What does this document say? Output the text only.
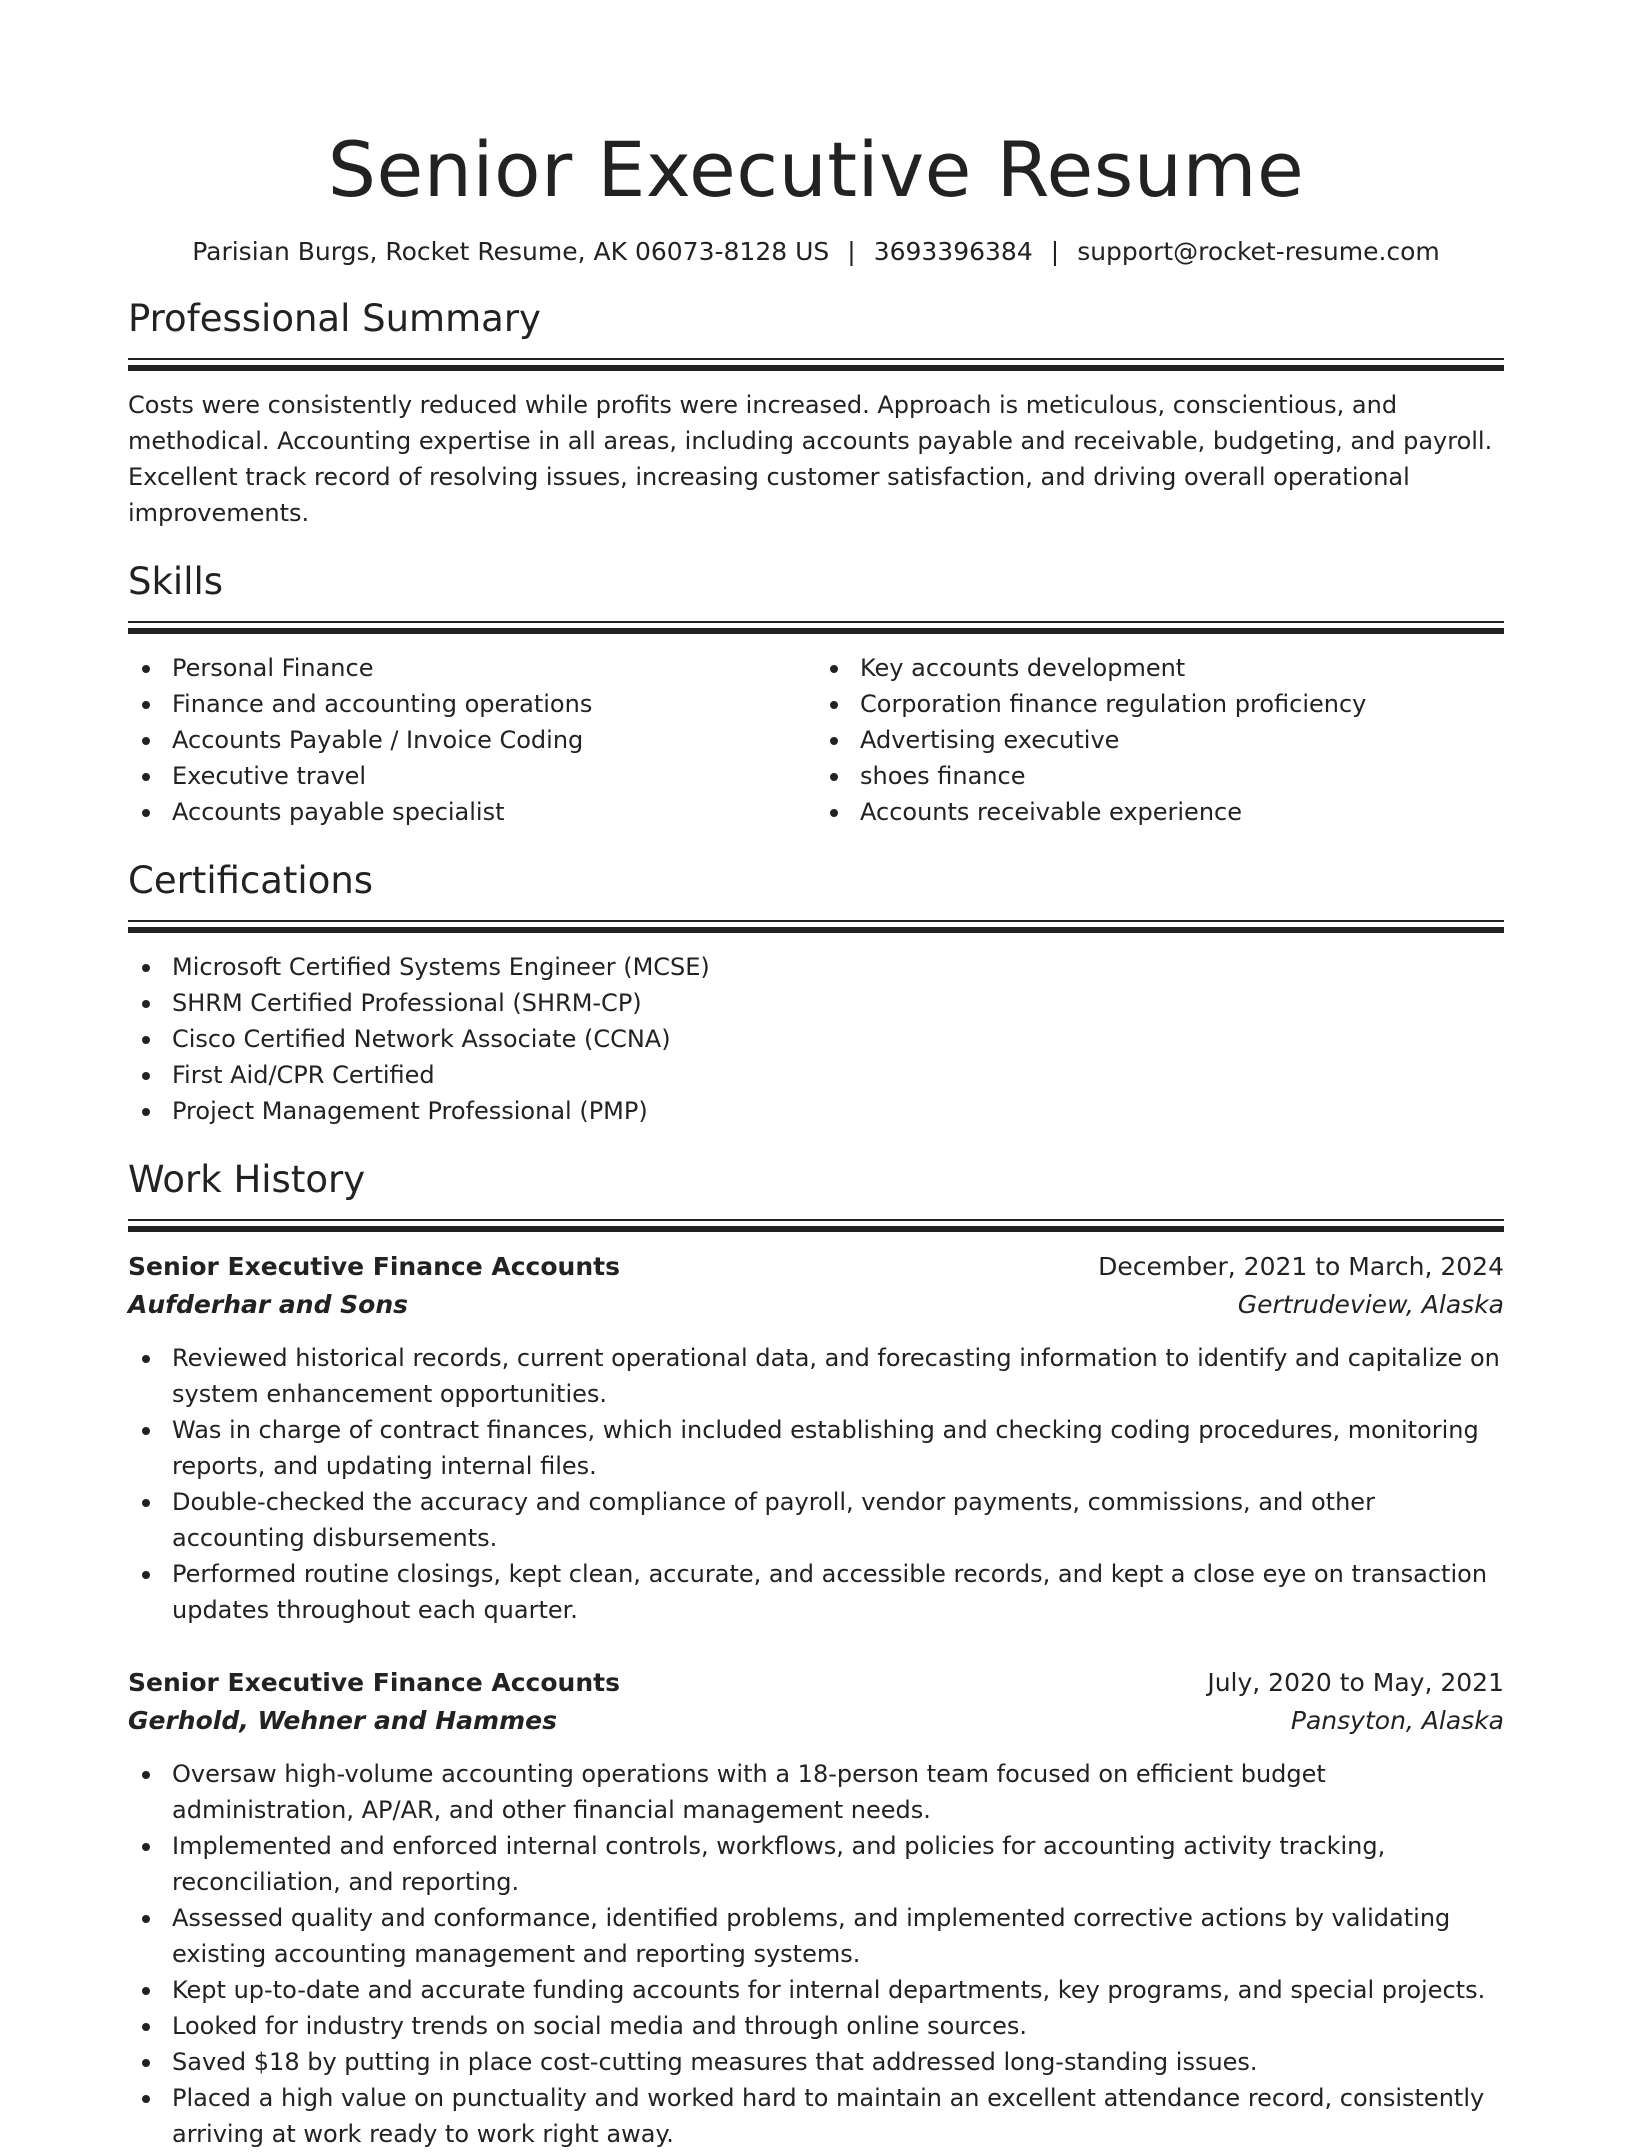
Senior Executive Resume
Parisian Burgs, Rocket Resume, AK 06073-8128 US | 3693396384 | support@rocket-resume.com
Professional Summary

Costs were consistently reduced while profits were increased. Approach is meticulous, conscientious, and methodical. Accounting expertise in all areas, including accounts payable and receivable, budgeting, and payroll. Excellent track record of resolving issues, increasing customer satisfaction, and driving overall operational improvements.

Skills
Personal Finance
Finance and accounting operations
Accounts Payable / Invoice Coding
Executive travel
Accounts payable specialist
Key accounts development
Corporation finance regulation proficiency
Advertising executive
shoes finance
Accounts receivable experience
Certifications
Microsoft Certified Systems Engineer (MCSE)
SHRM Certified Professional (SHRM-CP)
Cisco Certified Network Associate (CCNA)
First Aid/CPR Certified
Project Management Professional (PMP)
Work History
Senior Executive Finance Accounts	December, 2021 to March, 2024
Aufderhar and Sons	Gertrudeview, Alaska
Reviewed historical records, current operational data, and forecasting information to identify and capitalize on system enhancement opportunities.
Was in charge of contract finances, which included establishing and checking coding procedures, monitoring reports, and updating internal files.
Double-checked the accuracy and compliance of payroll, vendor payments, commissions, and other accounting disbursements.
Performed routine closings, kept clean, accurate, and accessible records, and kept a close eye on transaction updates throughout each quarter.
Senior Executive Finance Accounts	July, 2020 to May, 2021
Gerhold, Wehner and Hammes	Pansyton, Alaska
Oversaw high-volume accounting operations with a 18-person team focused on efficient budget administration, AP/AR, and other financial management needs.
Implemented and enforced internal controls, workflows, and policies for accounting activity tracking, reconciliation, and reporting.
Assessed quality and conformance, identified problems, and implemented corrective actions by validating existing accounting management and reporting systems.
Kept up-to-date and accurate funding accounts for internal departments, key programs, and special projects.
Looked for industry trends on social media and through online sources.
Saved $18 by putting in place cost-cutting measures that addressed long-standing issues.
Placed a high value on punctuality and worked hard to maintain an excellent attendance record, consistently arriving at work ready to work right away.
